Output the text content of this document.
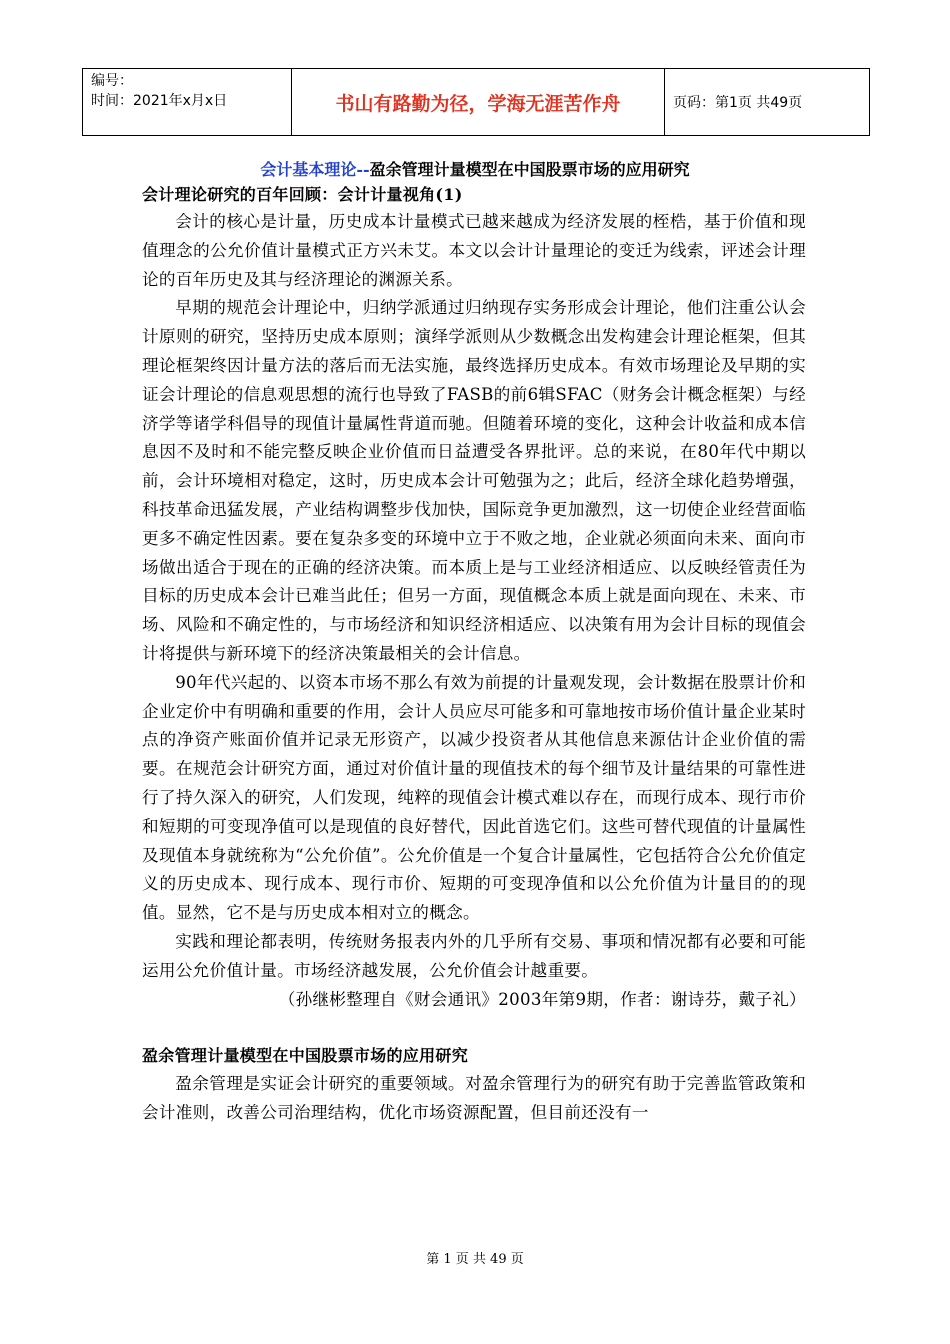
编号：
时间：2021年x月x日	书山有路勤为径，学海无涯苦作舟	页码：第1页 共49页
会计基本理论--盈余管理计量模型在中国股票市场的应用研究
会计理论研究的百年回顾：会计计量视角(1)

会计的核心是计量，历史成本计量模式已越来越成为经济发展的桎梏，基于价值和现值理念的公允价值计量模式正方兴未艾。本文以会计计量理论的变迁为线索，评述会计理论的百年历史及其与经济理论的渊源关系。

早期的规范会计理论中，归纳学派通过归纳现存实务形成会计理论，他们注重公认会计原则的研究，坚持历史成本原则；演绎学派则从少数概念出发构建会计理论框架，但其理论框架终因计量方法的落后而无法实施，最终选择历史成本。有效市场理论及早期的实证会计理论的信息观思想的流行也导致了FASB的前6辑SFAC（财务会计概念框架）与经济学等诸学科倡导的现值计量属性背道而驰。但随着环境的变化，这种会计收益和成本信息因不及时和不能完整反映企业价值而日益遭受各界批评。总的来说，在80年代中期以前，会计环境相对稳定，这时，历史成本会计可勉强为之；此后，经济全球化趋势增强，科技革命迅猛发展，产业结构调整步伐加快，国际竞争更加激烈，这一切使企业经营面临更多不确定性因素。要在复杂多变的环境中立于不败之地，企业就必须面向未来、面向市场做出适合于现在的正确的经济决策。而本质上是与工业经济相适应、以反映经管责任为目标的历史成本会计已难当此任；但另一方面，现值概念本质上就是面向现在、未来、市场、风险和不确定性的，与市场经济和知识经济相适应、以决策有用为会计目标的现值会计将提供与新环境下的经济决策最相关的会计信息。

90年代兴起的、以资本市场不那么有效为前提的计量观发现，会计数据在股票计价和企业定价中有明确和重要的作用，会计人员应尽可能多和可靠地按市场价值计量企业某时点的净资产账面价值并记录无形资产，以减少投资者从其他信息来源估计企业价值的需要。在规范会计研究方面，通过对价值计量的现值技术的每个细节及计量结果的可靠性进行了持久深入的研究，人们发现，纯粹的现值会计模式难以存在，而现行成本、现行市价和短期的可变现净值可以是现值的良好替代，因此首选它们。这些可替代现值的计量属性及现值本身就统称为“公允价值”。公允价值是一个复合计量属性，它包括符合公允价值定义的历史成本、现行成本、现行市价、短期的可变现净值和以公允价值为计量目的的现值。显然，它不是与历史成本相对立的概念。

实践和理论都表明，传统财务报表内外的几乎所有交易、事项和情况都有必要和可能运用公允价值计量。市场经济越发展，公允价值会计越重要。

（孙继彬整理自《财会通讯》2003年第9期，作者：谢诗芬，戴子礼）

盈余管理计量模型在中国股票市场的应用研究

盈余管理是实证会计研究的重要领域。对盈余管理行为的研究有助于完善监管政策和会计准则，改善公司治理结构，优化市场资源配置，但目前还没有一

第 1 页 共 49 页
